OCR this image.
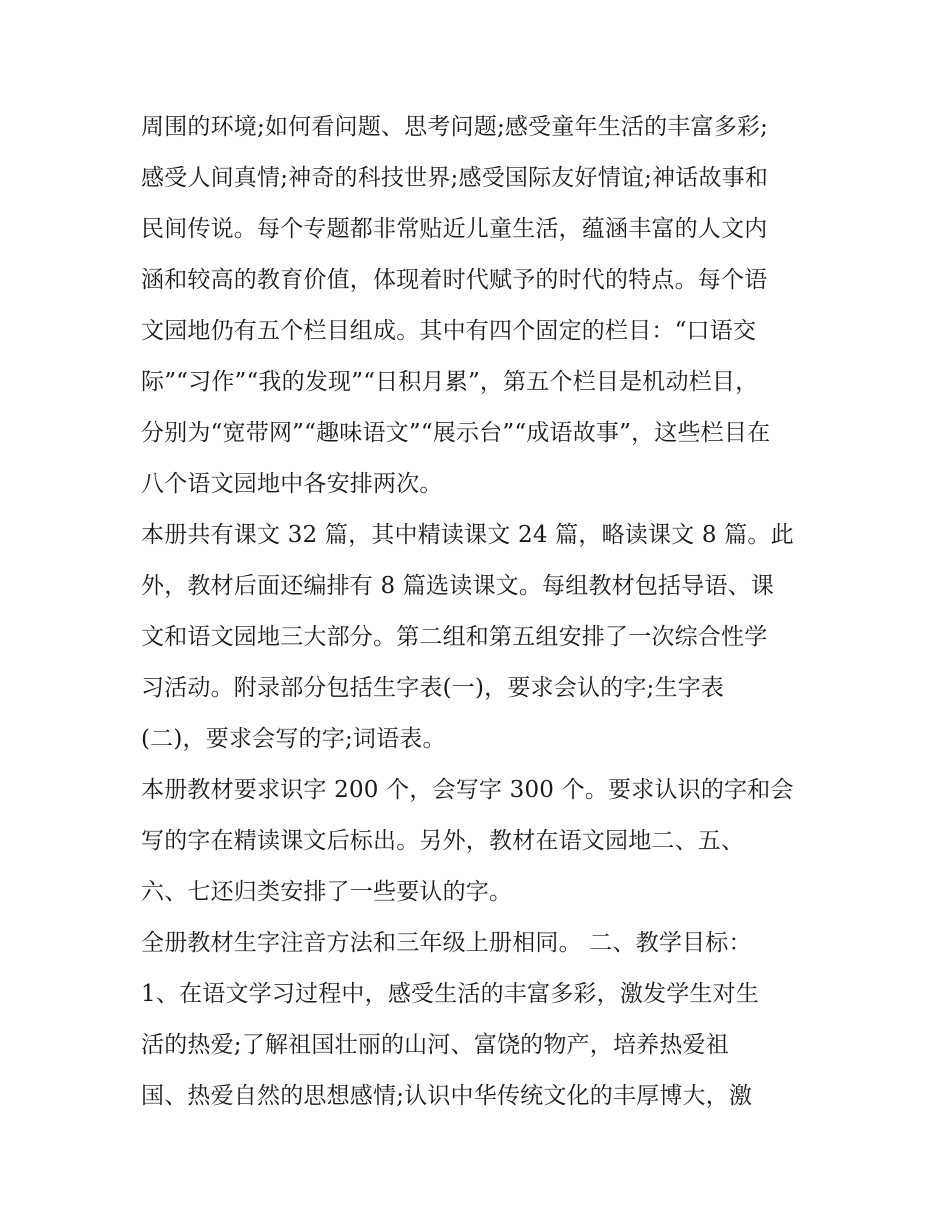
周围的环境;如何看问题、思考问题;感受童年生活的丰富多彩;
感受人间真情;神奇的科技世界;感受国际友好情谊;神话故事和
民间传说。每个专题都非常贴近儿童生活，蕴涵丰富的人文内
涵和较高的教育价值，体现着时代赋予的时代的特点。每个语
文园地仍有五个栏目组成。其中有四个固定的栏目：“口语交
际”“习作”“我的发现”“日积月累”，第五个栏目是机动栏目，
分别为“宽带网”“趣味语文”“展示台”“成语故事”，这些栏目在
八个语文园地中各安排两次。
本册共有课文 32 篇，其中精读课文 24 篇，略读课文 8 篇。此
外，教材后面还编排有 8 篇选读课文。每组教材包括导语、课
文和语文园地三大部分。第二组和第五组安排了一次综合性学
习活动。附录部分包括生字表(一)，要求会认的字;生字表
(二)，要求会写的字;词语表。
本册教材要求识字 200 个，会写字 300 个。要求认识的字和会
写的字在精读课文后标出。另外，教材在语文园地二、五、
六、七还归类安排了一些要认的字。
全册教材生字注音方法和三年级上册相同。 二、教学目标：
1、在语文学习过程中，感受生活的丰富多彩，激发学生对生
活的热爱;了解祖国壮丽的山河、富饶的物产，培养热爱祖
国、热爱自然的思想感情;认识中华传统文化的丰厚博大，激
